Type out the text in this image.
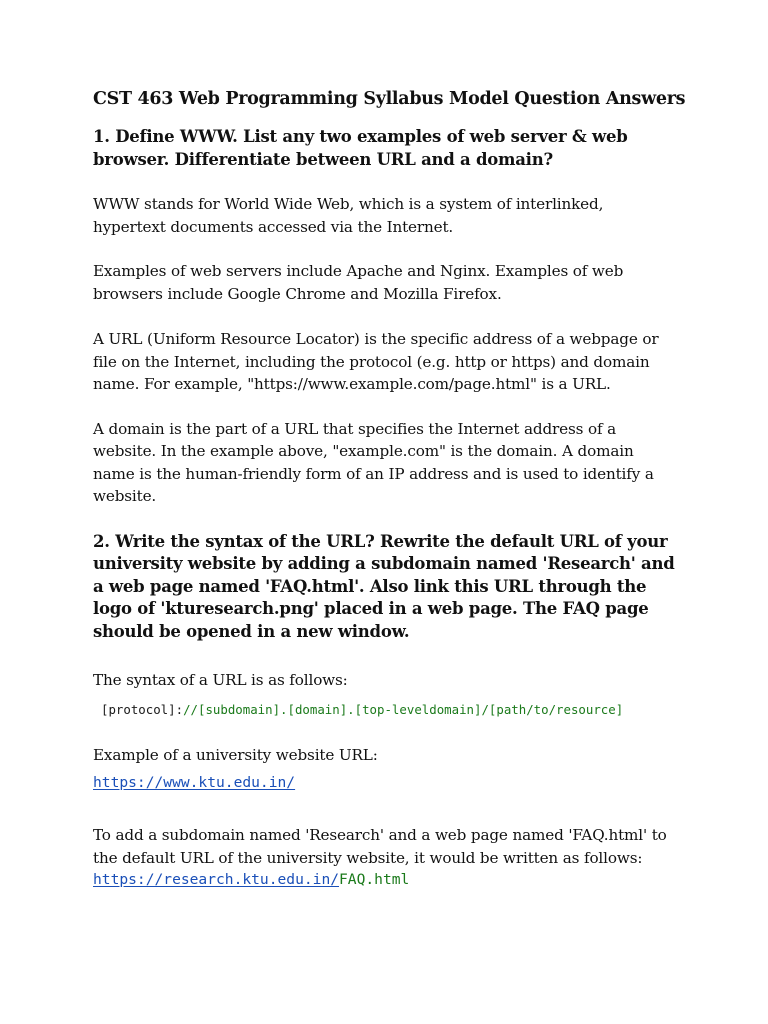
CST 463 Web Programming Syllabus Model Question Answers

1. Define WWW. List any two examples of web server & web browser. Differentiate between URL and a domain?

WWW stands for World Wide Web, which is a system of interlinked, hypertext documents accessed via the Internet.

Examples of web servers include Apache and Nginx. Examples of web browsers include Google Chrome and Mozilla Firefox.

A URL (Uniform Resource Locator) is the specific address of a webpage or file on the Internet, including the protocol (e.g. http or https) and domain name. For example, "https://www.example.com/page.html" is a URL.

A domain is the part of a URL that specifies the Internet address of a website. In the example above, "example.com" is the domain. A domain name is the human-friendly form of an IP address and is used to identify a website.

2. Write the syntax of the URL? Rewrite the default URL of your university website by adding a subdomain named 'Research' and a web page named 'FAQ.html'. Also link this URL through the logo of 'kturesearch.png' placed in a web page. The FAQ page should be opened in a new window.

The syntax of a URL is as follows:

[protocol]://[subdomain].[domain].[top-leveldomain]/[path/to/resource]

Example of a university website URL:

https://www.ktu.edu.in/

To add a subdomain named 'Research' and a web page named 'FAQ.html' to the default URL of the university website, it would be written as follows:

https://research.ktu.edu.in/FAQ.html
